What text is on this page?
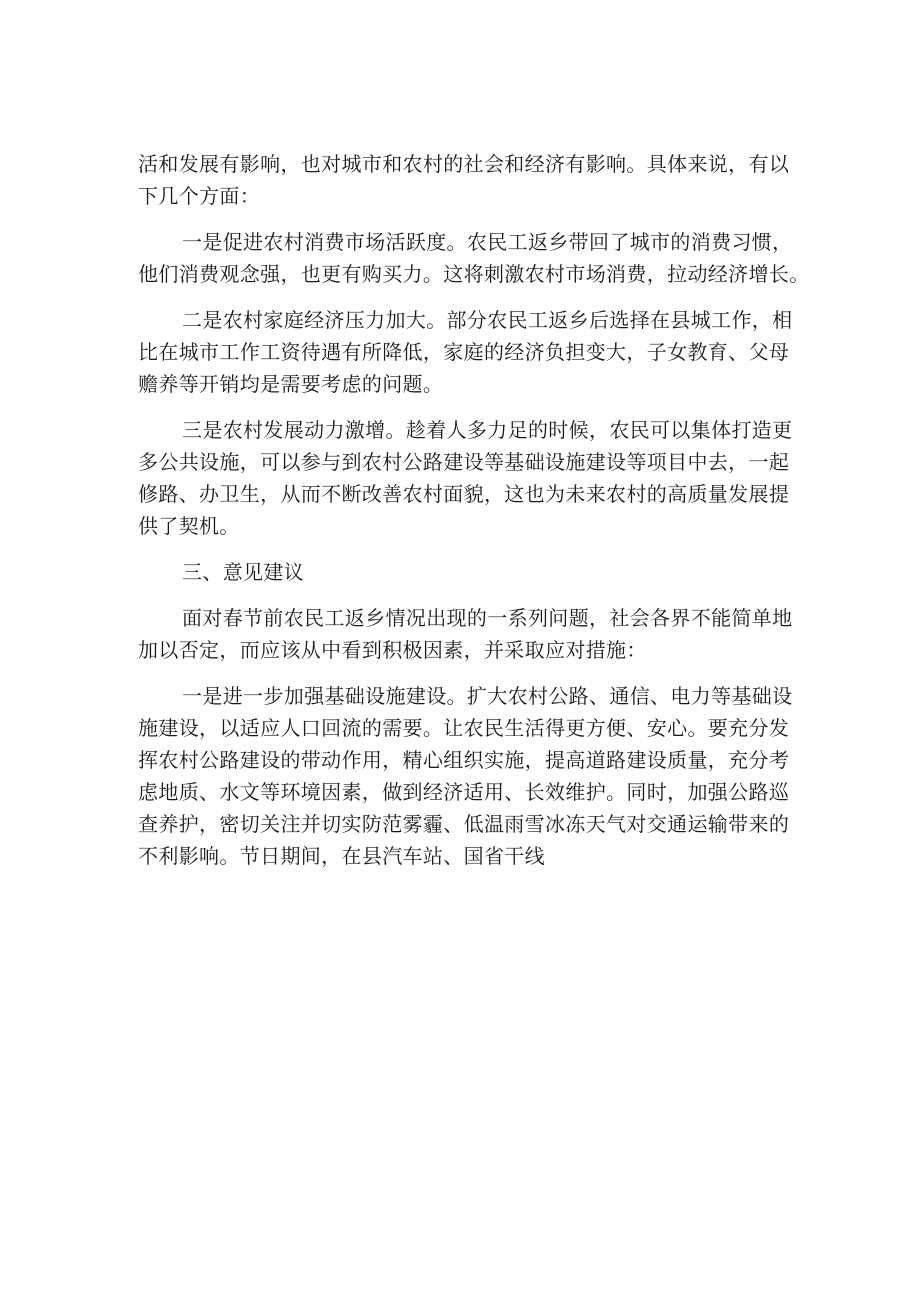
活和发展有影响，也对城市和农村的社会和经济有影响。具体来说，有以
下几个方面：
一是促进农村消费市场活跃度。农民工返乡带回了城市的消费习惯，
他们消费观念强，也更有购买力。这将刺激农村市场消费，拉动经济增长。
二是农村家庭经济压力加大。部分农民工返乡后选择在县城工作，相
比在城市工作工资待遇有所降低，家庭的经济负担变大，子女教育、父母
赡养等开销均是需要考虑的问题。
三是农村发展动力激增。趁着人多力足的时候，农民可以集体打造更
多公共设施，可以参与到农村公路建设等基础设施建设等项目中去，一起
修路、办卫生，从而不断改善农村面貌，这也为未来农村的高质量发展提
供了契机。
三、意见建议
面对春节前农民工返乡情况出现的一系列问题，社会各界不能简单地
加以否定，而应该从中看到积极因素，并采取应对措施：
一是进一步加强基础设施建设。扩大农村公路、通信、电力等基础设
施建设，以适应人口回流的需要。让农民生活得更方便、安心。要充分发
挥农村公路建设的带动作用，精心组织实施，提高道路建设质量，充分考
虑地质、水文等环境因素，做到经济适用、长效维护。同时，加强公路巡
查养护，密切关注并切实防范雾霾、低温雨雪冰冻天气对交通运输带来的
不利影响。节日期间，在县汽车站、国省干线
